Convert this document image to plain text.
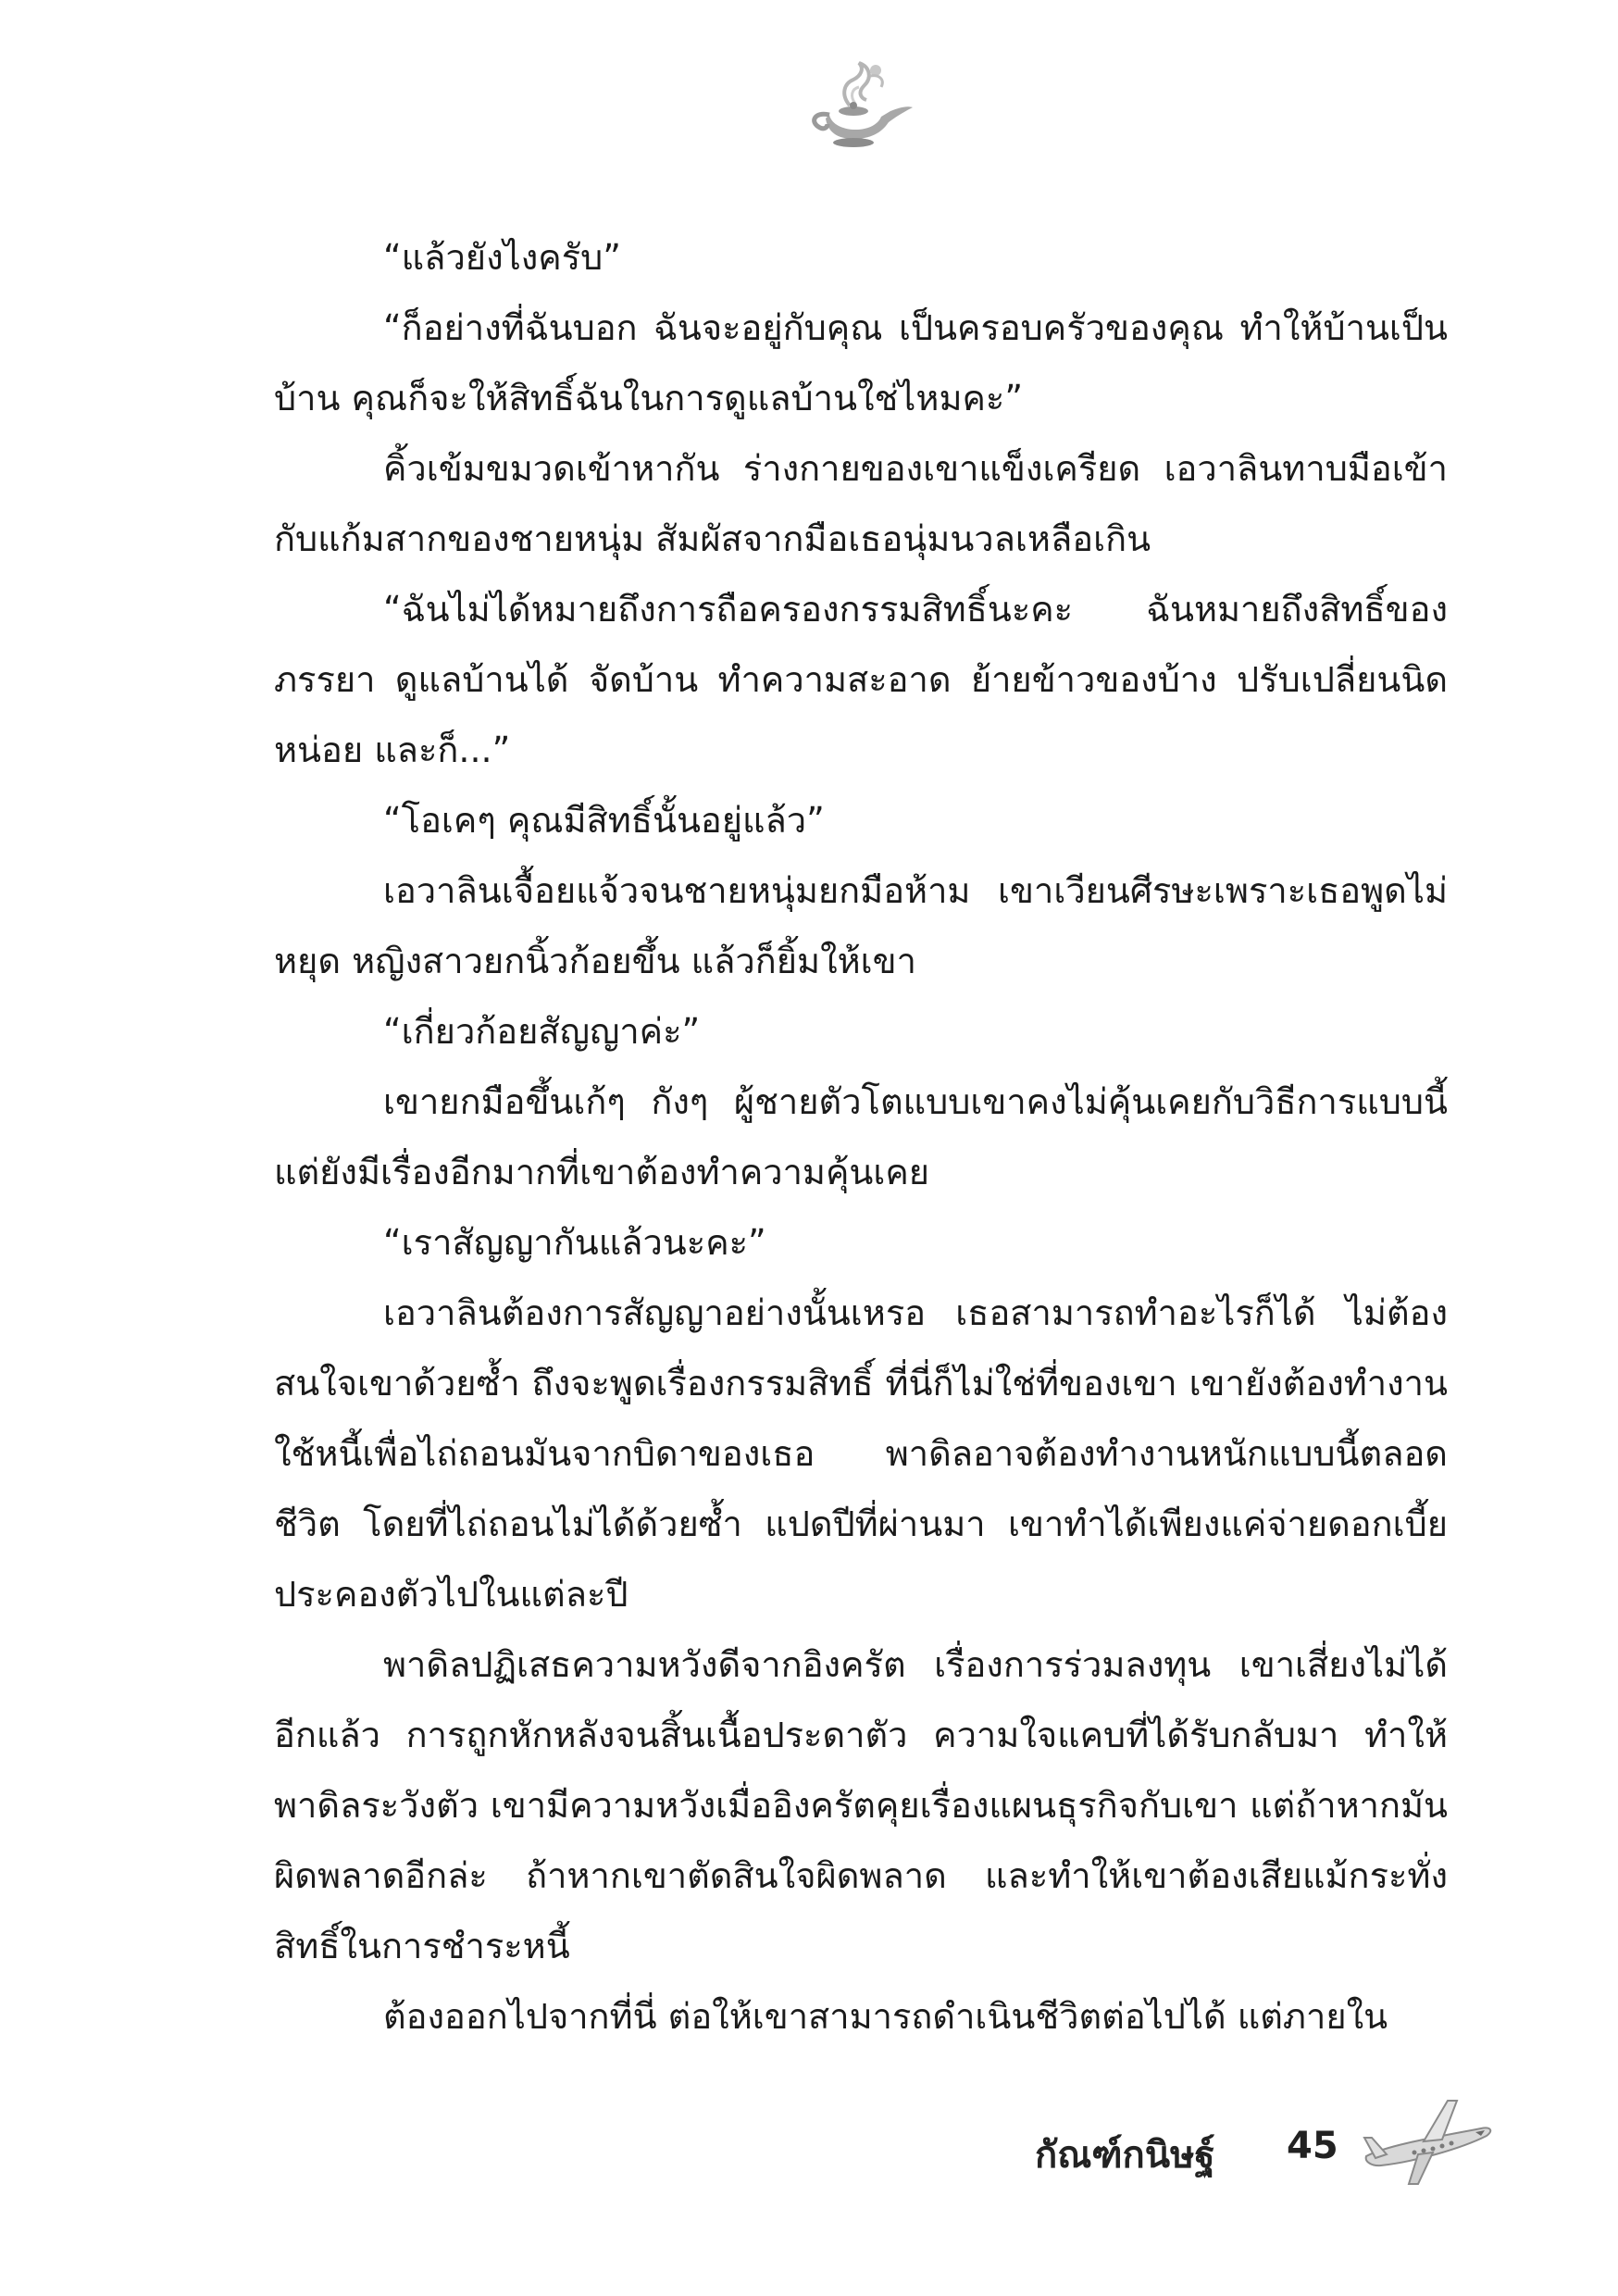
“แล้วยังไงครับ”

“ก็อย่างที่ฉันบอก ฉันจะอยู่กับคุณ เป็นครอบครัวของคุณ ทำให้บ้านเป็นบ้าน คุณก็จะให้สิทธิ์ฉันในการดูแลบ้านใช่ไหมคะ”

คิ้วเข้มขมวดเข้าหากัน ร่างกายของเขาแข็งเครียด เอวาลินทาบมือเข้ากับแก้มสากของชายหนุ่ม สัมผัสจากมือเธอนุ่มนวลเหลือเกิน

“ฉันไม่ได้หมายถึงการถือครองกรรมสิทธิ์นะคะ ฉันหมายถึงสิทธิ์ของภรรยา ดูแลบ้านได้ จัดบ้าน ทำความสะอาด ย้ายข้าวของบ้าง ปรับเปลี่ยนนิดหน่อย และก็...”

“โอเคๆ คุณมีสิทธิ์นั้นอยู่แล้ว”

เอวาลินเจื้อยแจ้วจนชายหนุ่มยกมือห้าม เขาเวียนศีรษะเพราะเธอพูดไม่หยุด หญิงสาวยกนิ้วก้อยขึ้น แล้วก็ยิ้มให้เขา

“เกี่ยวก้อยสัญญาค่ะ”

เขายกมือขึ้นเก้ๆ กังๆ ผู้ชายตัวโตแบบเขาคงไม่คุ้นเคยกับวิธีการแบบนี้ แต่ยังมีเรื่องอีกมากที่เขาต้องทำความคุ้นเคย

“เราสัญญากันแล้วนะคะ”

เอวาลินต้องการสัญญาอย่างนั้นเหรอ เธอสามารถทำอะไรก็ได้ ไม่ต้องสนใจเขาด้วยซ้ำ ถึงจะพูดเรื่องกรรมสิทธิ์ ที่นี่ก็ไม่ใช่ที่ของเขา เขายังต้องทำงานใช้หนี้เพื่อไถ่ถอนมันจากบิดาของเธอ พาดิลอาจต้องทำงานหนักแบบนี้ตลอดชีวิต โดยที่ไถ่ถอนไม่ได้ด้วยซ้ำ แปดปีที่ผ่านมา เขาทำได้เพียงแค่จ่ายดอกเบี้ย ประคองตัวไปในแต่ละปี

พาดิลปฏิเสธความหวังดีจากอิงครัต เรื่องการร่วมลงทุน เขาเสี่ยงไม่ได้อีกแล้ว การถูกหักหลังจนสิ้นเนื้อประดาตัว ความใจแคบที่ได้รับกลับมา ทำให้พาดิลระวังตัว เขามีความหวังเมื่ออิงครัตคุยเรื่องแผนธุรกิจกับเขา แต่ถ้าหากมันผิดพลาดอีกล่ะ ถ้าหากเขาตัดสินใจผิดพลาด และทำให้เขาต้องเสียแม้กระทั่งสิทธิ์ในการชำระหนี้

ต้องออกไปจากที่นี่ ต่อให้เขาสามารถดำเนินชีวิตต่อไปได้ แต่ภายใน

กัณฑ์กนิษฐ์ 45
